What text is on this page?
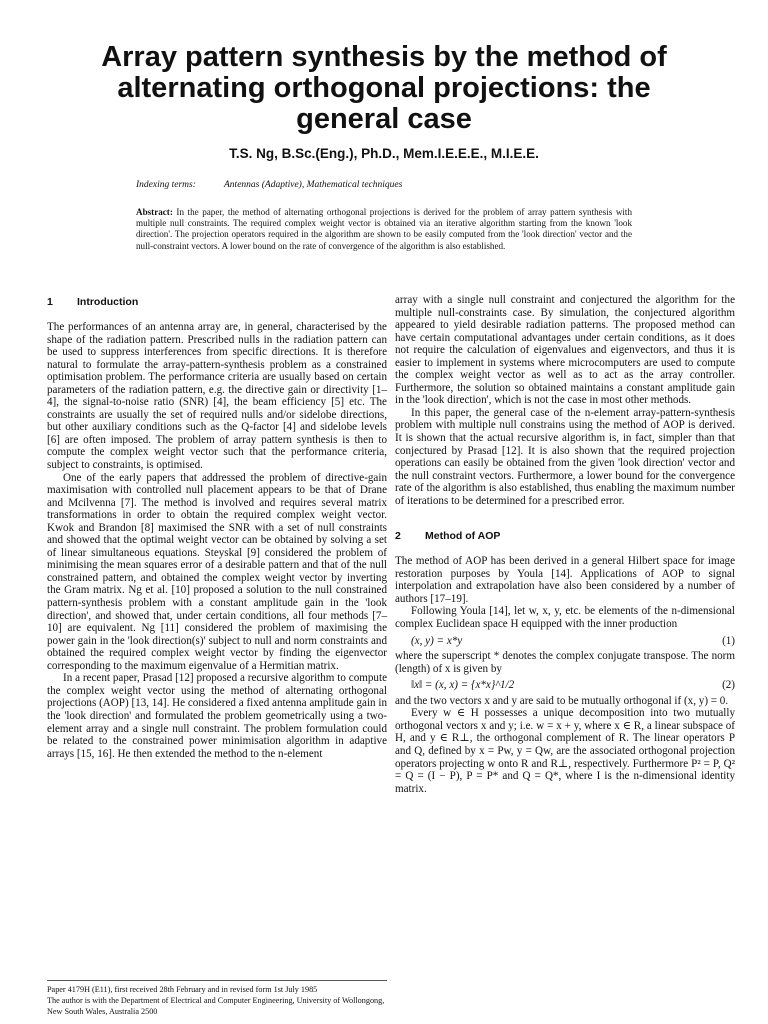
Array pattern synthesis by the method of
alternating orthogonal projections: the
general case
T.S. Ng, B.Sc.(Eng.), Ph.D., Mem.I.E.E.E., M.I.E.E.
Indexing terms:	Antennas (Adaptive), Mathematical techniques
Abstract: In the paper, the method of alternating orthogonal projections is derived for the problem of array pattern synthesis with multiple null constraints. The required complex weight vector is obtained via an iterative algorithm starting from the known 'look direction'. The projection operators required in the algorithm are shown to be easily computed from the 'look direction' vector and the null-constraint vectors. A lower bound on the rate of convergence of the algorithm is also established.
1 Introduction

The performances of an antenna array are, in general, characterised by the shape of the radiation pattern. Prescribed nulls in the radiation pattern can be used to suppress interferences from specific directions. It is therefore natural to formulate the array-pattern-synthesis problem as a constrained optimisation problem. The performance criteria are usually based on certain parameters of the radiation pattern, e.g. the directive gain or directivity [1–4], the signal-to-noise ratio (SNR) [4], the beam efficiency [5] etc. The constraints are usually the set of required nulls and/or sidelobe directions, but other auxiliary conditions such as the Q-factor [4] and sidelobe levels [6] are often imposed. The problem of array pattern synthesis is then to compute the complex weight vector such that the performance criteria, subject to constraints, is optimised.

One of the early papers that addressed the problem of directive-gain maximisation with controlled null placement appears to be that of Drane and Mcilvenna [7]. The method is involved and requires several matrix transformations in order to obtain the required complex weight vector. Kwok and Brandon [8] maximised the SNR with a set of null constraints and showed that the optimal weight vector can be obtained by solving a set of linear simultaneous equations. Steyskal [9] considered the problem of minimising the mean squares error of a desirable pattern and that of the null constrained pattern, and obtained the complex weight vector by inverting the Gram matrix. Ng et al. [10] proposed a solution to the null constrained pattern-synthesis problem with a constant amplitude gain in the 'look direction', and showed that, under certain conditions, all four methods [7–10] are equivalent. Ng [11] considered the problem of maximising the power gain in the 'look direction(s)' subject to null and norm constraints and obtained the required complex weight vector by finding the eigenvector corresponding to the maximum eigenvalue of a Hermitian matrix.

In a recent paper, Prasad [12] proposed a recursive algorithm to compute the complex weight vector using the method of alternating orthogonal projections (AOP) [13, 14]. He considered a fixed antenna amplitude gain in the 'look direction' and formulated the problem geometrically using a two-element array and a single null constraint. The problem formulation could be related to the constrained power minimisation algorithm in adaptive arrays [15, 16]. He then extended the method to the n-element

array with a single null constraint and conjectured the algorithm for the multiple null-constraints case. By simulation, the conjectured algorithm appeared to yield desirable radiation patterns. The proposed method can have certain computational advantages under certain conditions, as it does not require the calculation of eigenvalues and eigenvectors, and thus it is easier to implement in systems where microcomputers are used to compute the complex weight vector as well as to act as the array controller. Furthermore, the solution so obtained maintains a constant amplitude gain in the 'look direction', which is not the case in most other methods.

In this paper, the general case of the n-element array-pattern-synthesis problem with multiple null constrains using the method of AOP is derived. It is shown that the actual recursive algorithm is, in fact, simpler than that conjectured by Prasad [12]. It is also shown that the required projection operations can easily be obtained from the given 'look direction' vector and the null constraint vectors. Furthermore, a lower bound for the convergence rate of the algorithm is also established, thus enabling the maximum number of iterations to be determined for a prescribed error.

2 Method of AOP

The method of AOP has been derived in a general Hilbert space for image restoration purposes by Youla [14]. Applications of AOP to signal interpolation and extrapolation have also been considered by a number of authors [17–19].

Following Youla [14], let w, x, y, etc. be elements of the n-dimensional complex Euclidean space H equipped with the inner production

(x, y) = x*y	(1)

where the superscript * denotes the complex conjugate transpose. The norm (length) of x is given by

‖x‖ = (x, x) = {x*x}^1/2	(2)

and the two vectors x and y are said to be mutually orthogonal if (x, y) = 0.

Every w ∈ H possesses a unique decomposition into two mutually orthogonal vectors x and y; i.e. w = x + y, where x ∈ R, a linear subspace of H, and y ∈ R⊥, the orthogonal complement of R. The linear operators P and Q, defined by x = Pw, y = Qw, are the associated orthogonal projection operators projecting w onto R and R⊥, respectively. Furthermore P² = P, Q² = Q = (I − P), P = P* and Q = Q*, where I is the n-dimensional identity matrix.

Paper 4179H (E11), first received 28th February and in revised form 1st July 1985
The author is with the Department of Electrical and Computer Engineering, University of Wollongong, New South Wales, Australia 2500
